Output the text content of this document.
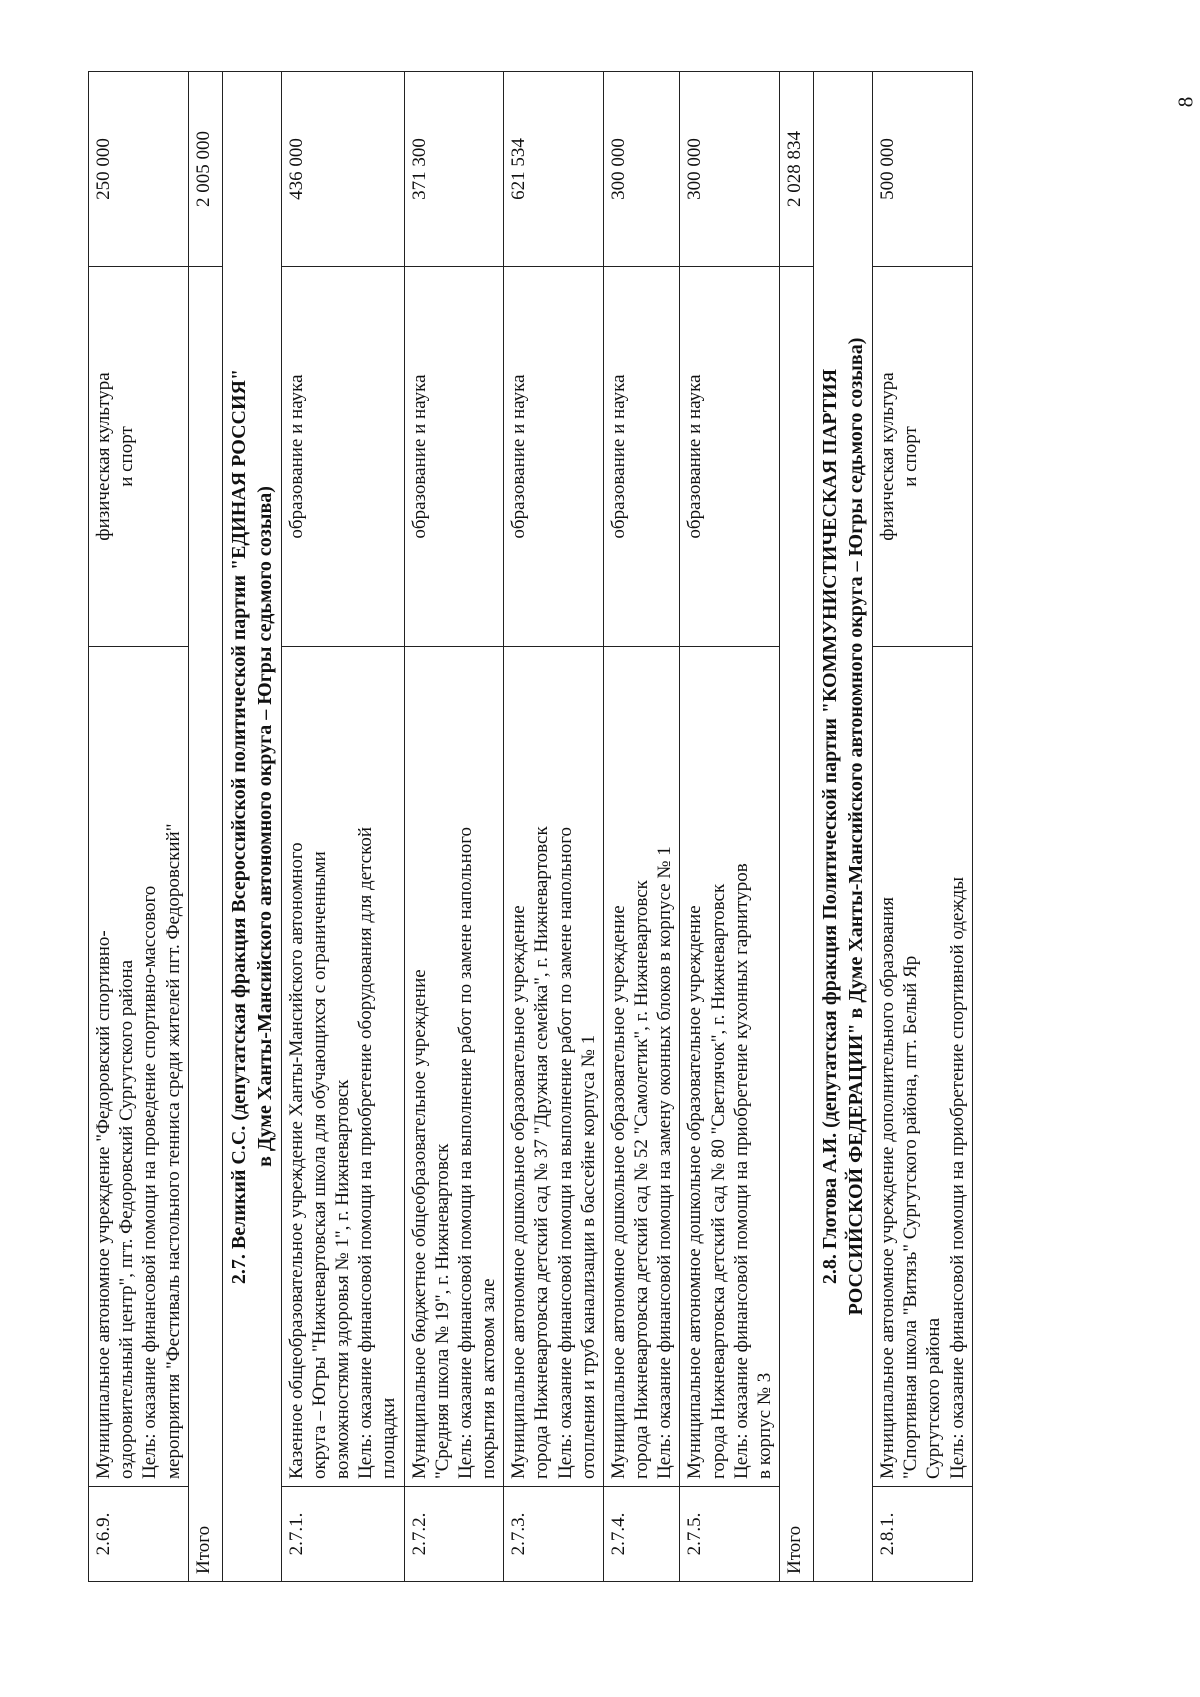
8
2.6.9.	Муниципальное автономное учреждение "Федоровский спортивно- оздоровительный центр", пгт. Федоровский Сургутского района Цель: оказание финансовой помощи на проведение спортивно-массового мероприятия "Фестиваль настольного тенниса среди жителей пгт. Федоровский"	физическая культура и спорт	250 000
Итого			2 005 000

2.7. Великий С.С. (депутатская фракция Всероссийской политической партии "ЕДИНАЯ РОССИЯ" в Думе Ханты-Мансийского автономного округа – Югры седьмого созыва)			

2.7.1.	Казенное общеобразовательное учреждение Ханты-Мансийского автономного округа – Югры "Нижневартовская школа для обучающихся с ограниченными возможностями здоровья № 1", г. Нижневартовск Цель: оказание финансовой помощи на приобретение оборудования для детской площадки	образование и наука	436 000
2.7.2.	Муниципальное бюджетное общеобразовательное учреждение "Средняя школа № 19", г. Нижневартовск Цель: оказание финансовой помощи на выполнение работ по замене напольного покрытия в актовом зале	образование и наука	371 300
2.7.3.	Муниципальное автономное дошкольное образовательное учреждение города Нижневартовска детский сад № 37 "Дружная семейка", г. Нижневартовск Цель: оказание финансовой помощи на выполнение работ по замене напольного отопления и труб канализации в бассейне корпуса № 1	образование и наука	621 534
2.7.4.	Муниципальное автономное дошкольное образовательное учреждение города Нижневартовска детский сад № 52 "Самолетик", г. Нижневартовск Цель: оказание финансовой помощи на замену оконных блоков в корпусе № 1	образование и наука	300 000
2.7.5.	Муниципальное автономное дошкольное образовательное учреждение города Нижневартовска детский сад № 80 "Светлячок", г. Нижневартовск Цель: оказание финансовой помощи на приобретение кухонных гарнитуров в корпус № 3	образование и наука	300 000
Итого			2 028 834

2.8. Глотова А.И. (депутатская фракция Политической партии "КОММУНИСТИЧЕСКАЯ ПАРТИЯ РОССИЙСКОЙ ФЕДЕРАЦИИ" в Думе Ханты-Мансийского автономного округа – Югры седьмого созыва)			

2.8.1.	Муниципальное автономное учреждение дополнительного образования "Спортивная школа "Витязь" Сургутского района, пгт. Белый Яр Сургутского района Цель: оказание финансовой помощи на приобретение спортивной одежды	физическая культура и спорт	500 000
